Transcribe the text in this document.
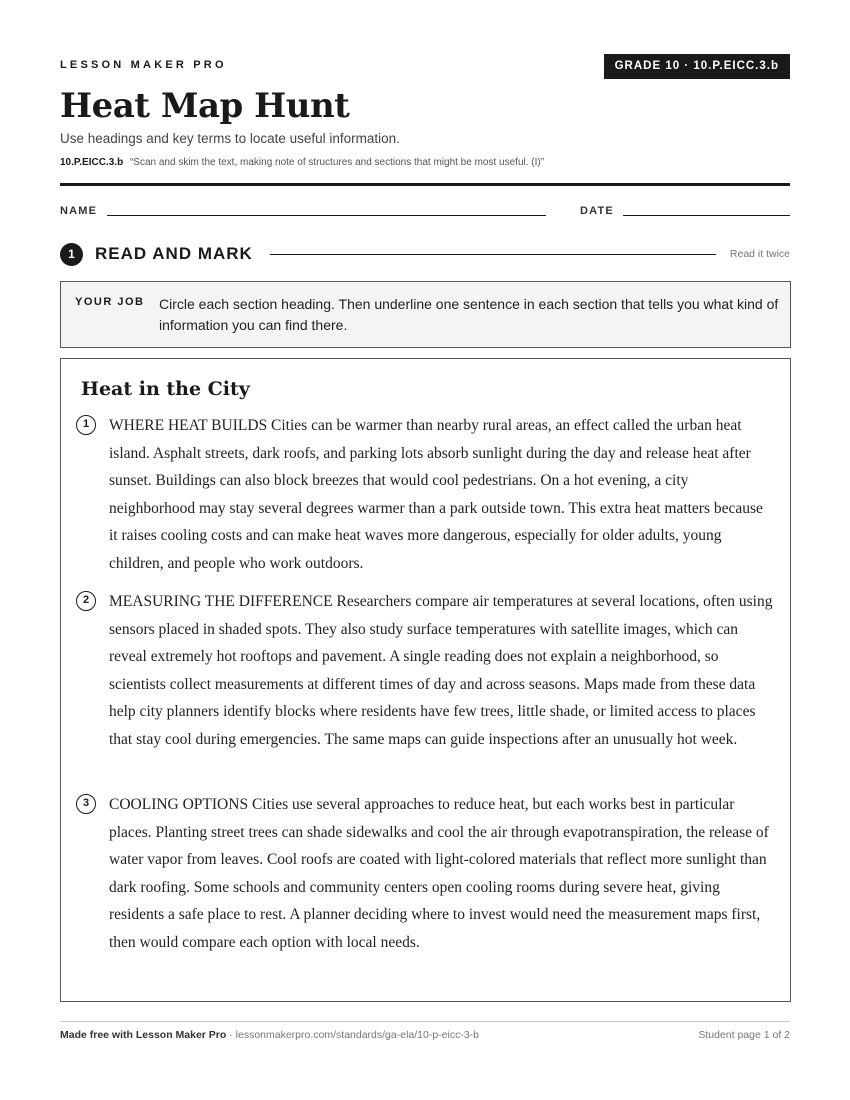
LESSON MAKER PRO	GRADE 10 · 10.P.EICC.3.b
Heat Map Hunt
Use headings and key terms to locate useful information.
10.P.EICC.3.b “Scan and skim the text, making note of structures and sections that might be most useful. (I)”
NAME	DATE
1	READ AND MARK	Read it twice
YOUR JOB Circle each section heading. Then underline one sentence in each section that tells you what kind of information you can find there.
Heat in the City
1	WHERE HEAT BUILDS Cities can be warmer than nearby rural areas, an effect called the urban heat island. Asphalt streets, dark roofs, and parking lots absorb sunlight during the day and release heat after sunset. Buildings can also block breezes that would cool pedestrians. On a hot evening, a city neighborhood may stay several degrees warmer than a park outside town. This extra heat matters because it raises cooling costs and can make heat waves more dangerous, especially for older adults, young children, and people who work outdoors.

2	MEASURING THE DIFFERENCE Researchers compare air temperatures at several locations, often using sensors placed in shaded spots. They also study surface temperatures with satellite images, which can reveal extremely hot rooftops and pavement. A single reading does not explain a neighborhood, so scientists collect measurements at different times of day and across seasons. Maps made from these data help city planners identify blocks where residents have few trees, little shade, or limited access to places that stay cool during emergencies. The same maps can guide inspections after an unusually hot week.

3	COOLING OPTIONS Cities use several approaches to reduce heat, but each works best in particular places. Planting street trees can shade sidewalks and cool the air through evapotranspiration, the release of water vapor from leaves. Cool roofs are coated with light-colored materials that reflect more sunlight than dark roofing. Some schools and community centers open cooling rooms during severe heat, giving residents a safe place to rest. A planner deciding where to invest would need the measurement maps first, then would compare each option with local needs.

Made free with Lesson Maker Pro · lessonmakerpro.com/standards/ga-ela/10-p-eicc-3-b	Student page 1 of 2
